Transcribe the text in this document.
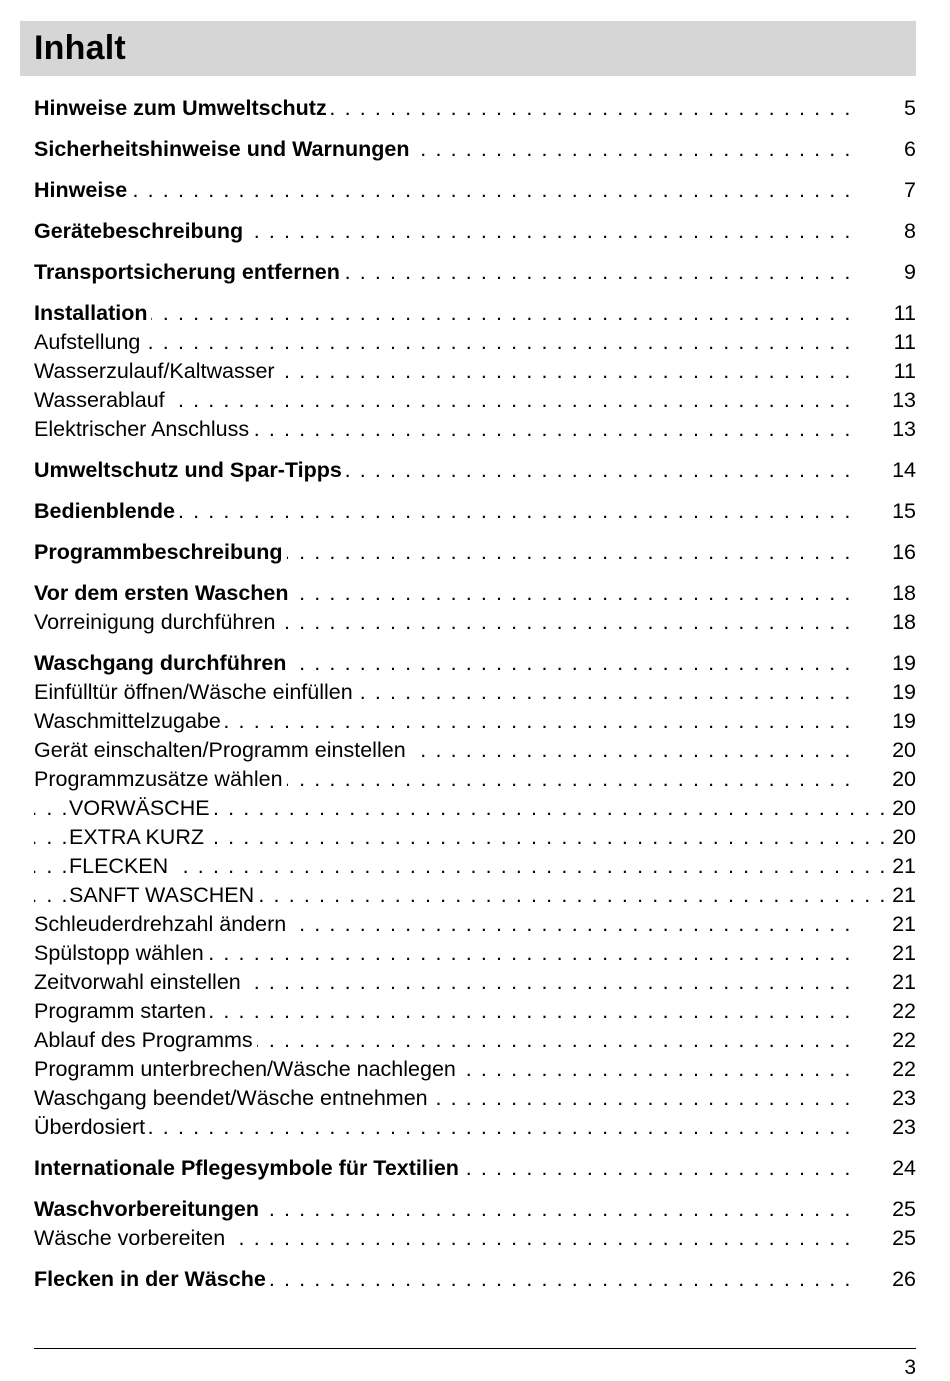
Inhalt
Hinweise zum Umweltschutz . . .	5
Sicherheitshinweise und Warnungen . . .	6
Hinweise . . .	7
Gerätebeschreibung . . .	8
Transportsicherung entfernen . . .	9
Installation . . .	11
Aufstellung . . .	11
Wasserzulauf/Kaltwasser . . .	11
Wasserablauf . . .	13
Elektrischer Anschluss . . .	13
Umweltschutz und Spar-Tipps . . .	14
Bedienblende . . .	15
Programmbeschreibung . . .	16
Vor dem ersten Waschen . . .	18
Vorreinigung durchführen . . .	18
Waschgang durchführen . . .	19
Einfülltür öffnen/Wäsche einfüllen . . .	19
Waschmittelzugabe . . .	19
Gerät einschalten/Programm einstellen . . .	20
Programmzusätze wählen . . .	20
VORWÄSCHE . . .	20
EXTRA KURZ . . .	20
FLECKEN . . .	21
SANFT WASCHEN . . .	21
Schleuderdrehzahl ändern . . .	21
Spülstopp wählen . . .	21
Zeitvorwahl einstellen . . .	21
Programm starten . . .	22
Ablauf des Programms . . .	22
Programm unterbrechen/Wäsche nachlegen . . .	22
Waschgang beendet/Wäsche entnehmen . . .	23
Überdosiert . . .	23
Internationale Pflegesymbole für Textilien . . .	24
Waschvorbereitungen . . .	25
Wäsche vorbereiten . . .	25
Flecken in der Wäsche . . .	26
3
